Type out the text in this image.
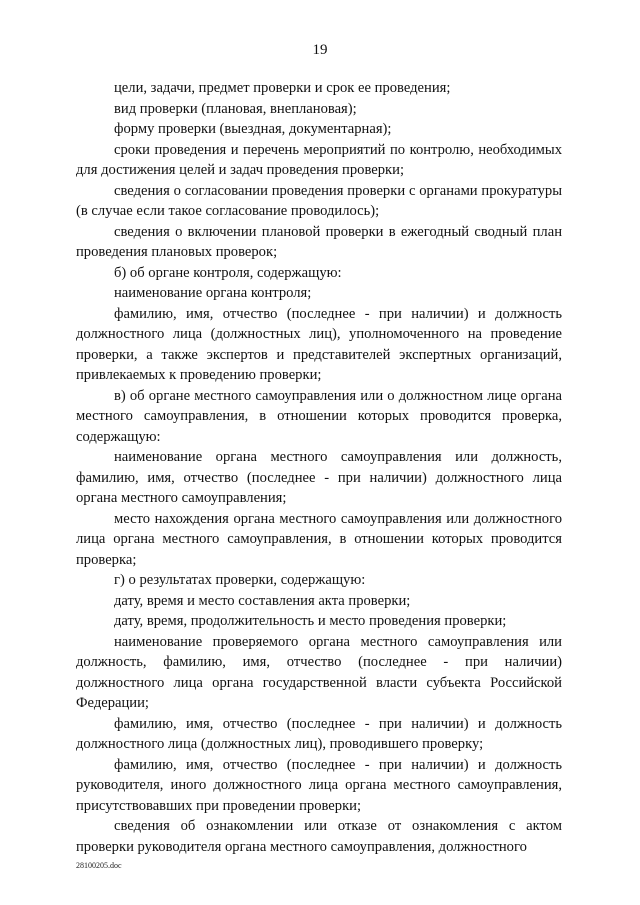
19

цели, задачи, предмет проверки и срок ее проведения;

вид проверки (плановая, внеплановая);

форму проверки (выездная, документарная);

сроки проведения и перечень мероприятий по контролю, необходимых для достижения целей и задач проведения проверки;

сведения о согласовании проведения проверки с органами прокуратуры (в случае если такое согласование проводилось);

сведения о включении плановой проверки в ежегодный сводный план проведения плановых проверок;

б) об органе контроля, содержащую:

наименование органа контроля;

фамилию, имя, отчество (последнее - при наличии) и должность должностного лица (должностных лиц), уполномоченного на проведение проверки, а также экспертов и представителей экспертных организаций, привлекаемых к проведению проверки;

в) об органе местного самоуправления или о должностном лице органа местного самоуправления, в отношении которых проводится проверка, содержащую:

наименование органа местного самоуправления или должность, фамилию, имя, отчество (последнее - при наличии) должностного лица органа местного самоуправления;

место нахождения органа местного самоуправления или должностного лица органа местного самоуправления, в отношении которых проводится проверка;

г) о результатах проверки, содержащую:

дату, время и место составления акта проверки;

дату, время, продолжительность и место проведения проверки;

наименование проверяемого органа местного самоуправления или должность, фамилию, имя, отчество (последнее - при наличии) должностного лица органа государственной власти субъекта Российской Федерации;

фамилию, имя, отчество (последнее - при наличии) и должность должностного лица (должностных лиц), проводившего проверку;

фамилию, имя, отчество (последнее - при наличии) и должность руководителя, иного должностного лица органа местного самоуправления, присутствовавших при проведении проверки;

сведения об ознакомлении или отказе от ознакомления с актом проверки руководителя органа местного самоуправления, должностного

28100205.doc
